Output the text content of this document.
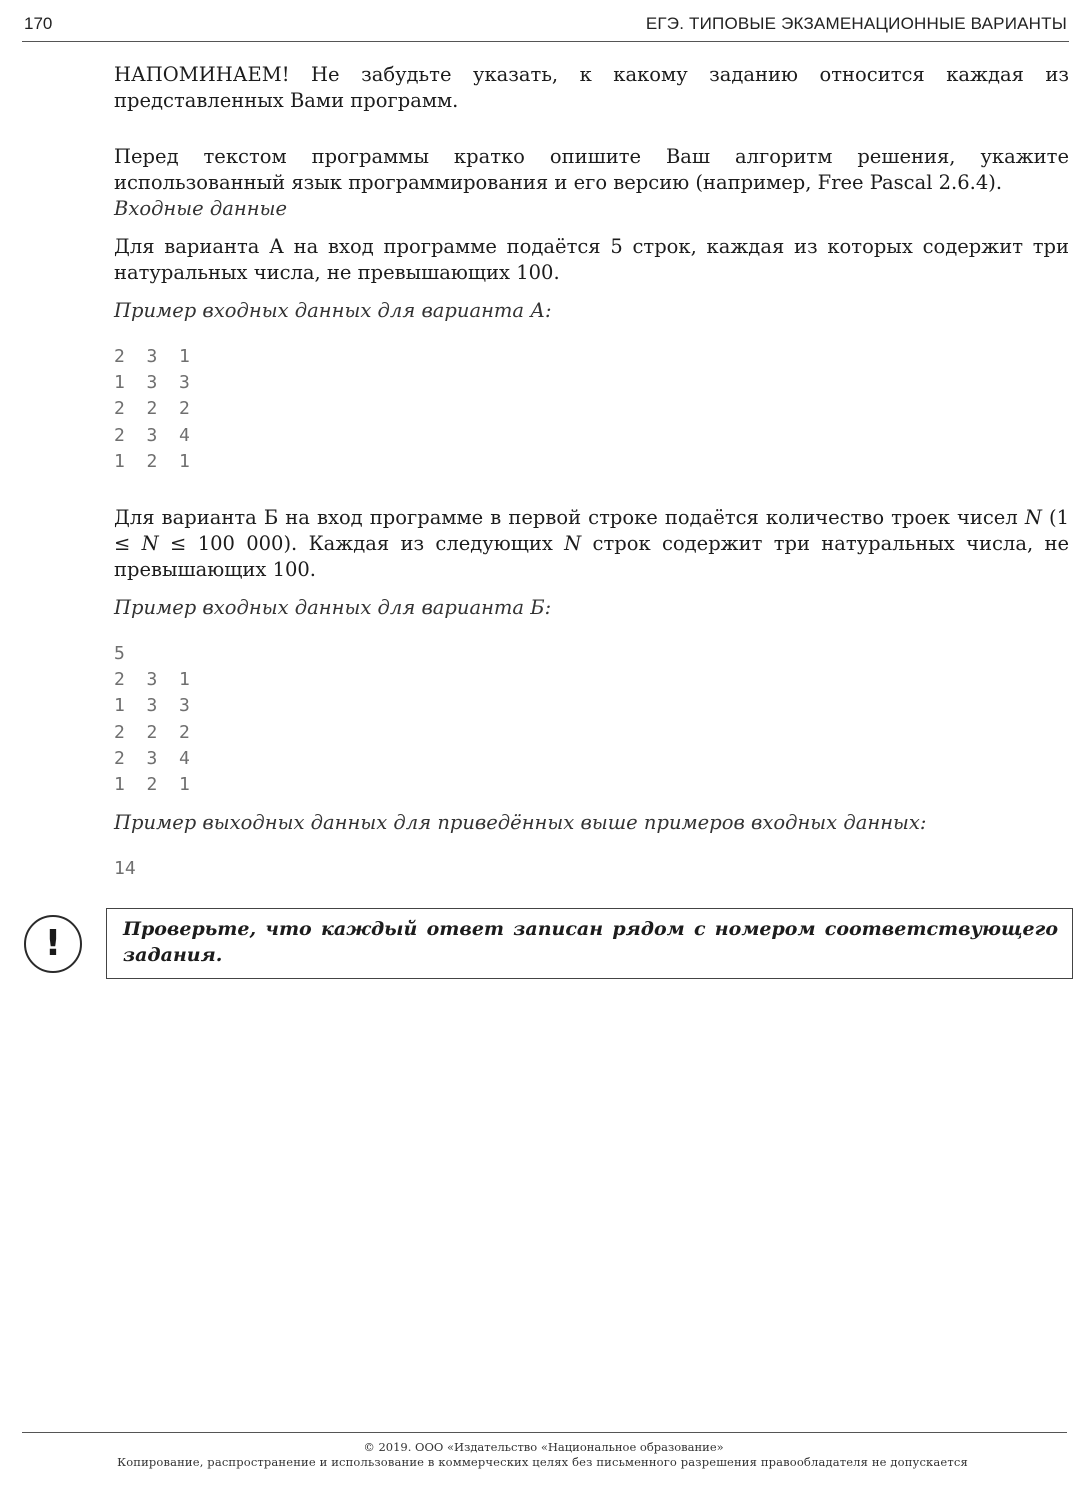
170	ЕГЭ. ТИПОВЫЕ ЭКЗАМЕНАЦИОННЫЕ ВАРИАНТЫ

НАПОМИНАЕМ! Не забудьте указать, к какому заданию относится каждая из представленных Вами программ.

Перед текстом программы кратко опишите Ваш алгоритм решения, укажите использованный язык программирования и его версию (например, Free Pascal 2.6.4).

Входные данные

Для варианта А на вход программе подаётся 5 строк, каждая из которых содержит три натуральных числа, не превышающих 100.

Пример входных данных для варианта А:

2  3  1
1  3  3
2  2  2
2  3  4
1  2  1

Для варианта Б на вход программе в первой строке подаётся количество троек чисел N (1 ≤ N ≤ 100 000). Каждая из следующих N строк содержит три натуральных числа, не превышающих 100.

Пример входных данных для варианта Б:

5
2  3  1
1  3  3
2  2  2
2  3  4
1  2  1

Пример выходных данных для приведённых выше примеров входных данных:

14
!	Проверьте, что каждый ответ записан рядом с номером соответствующего задания.
© 2019. ООО «Издательство «Национальное образование»
Копирование, распространение и использование в коммерческих целях без письменного разрешения правообладателя не допускается
